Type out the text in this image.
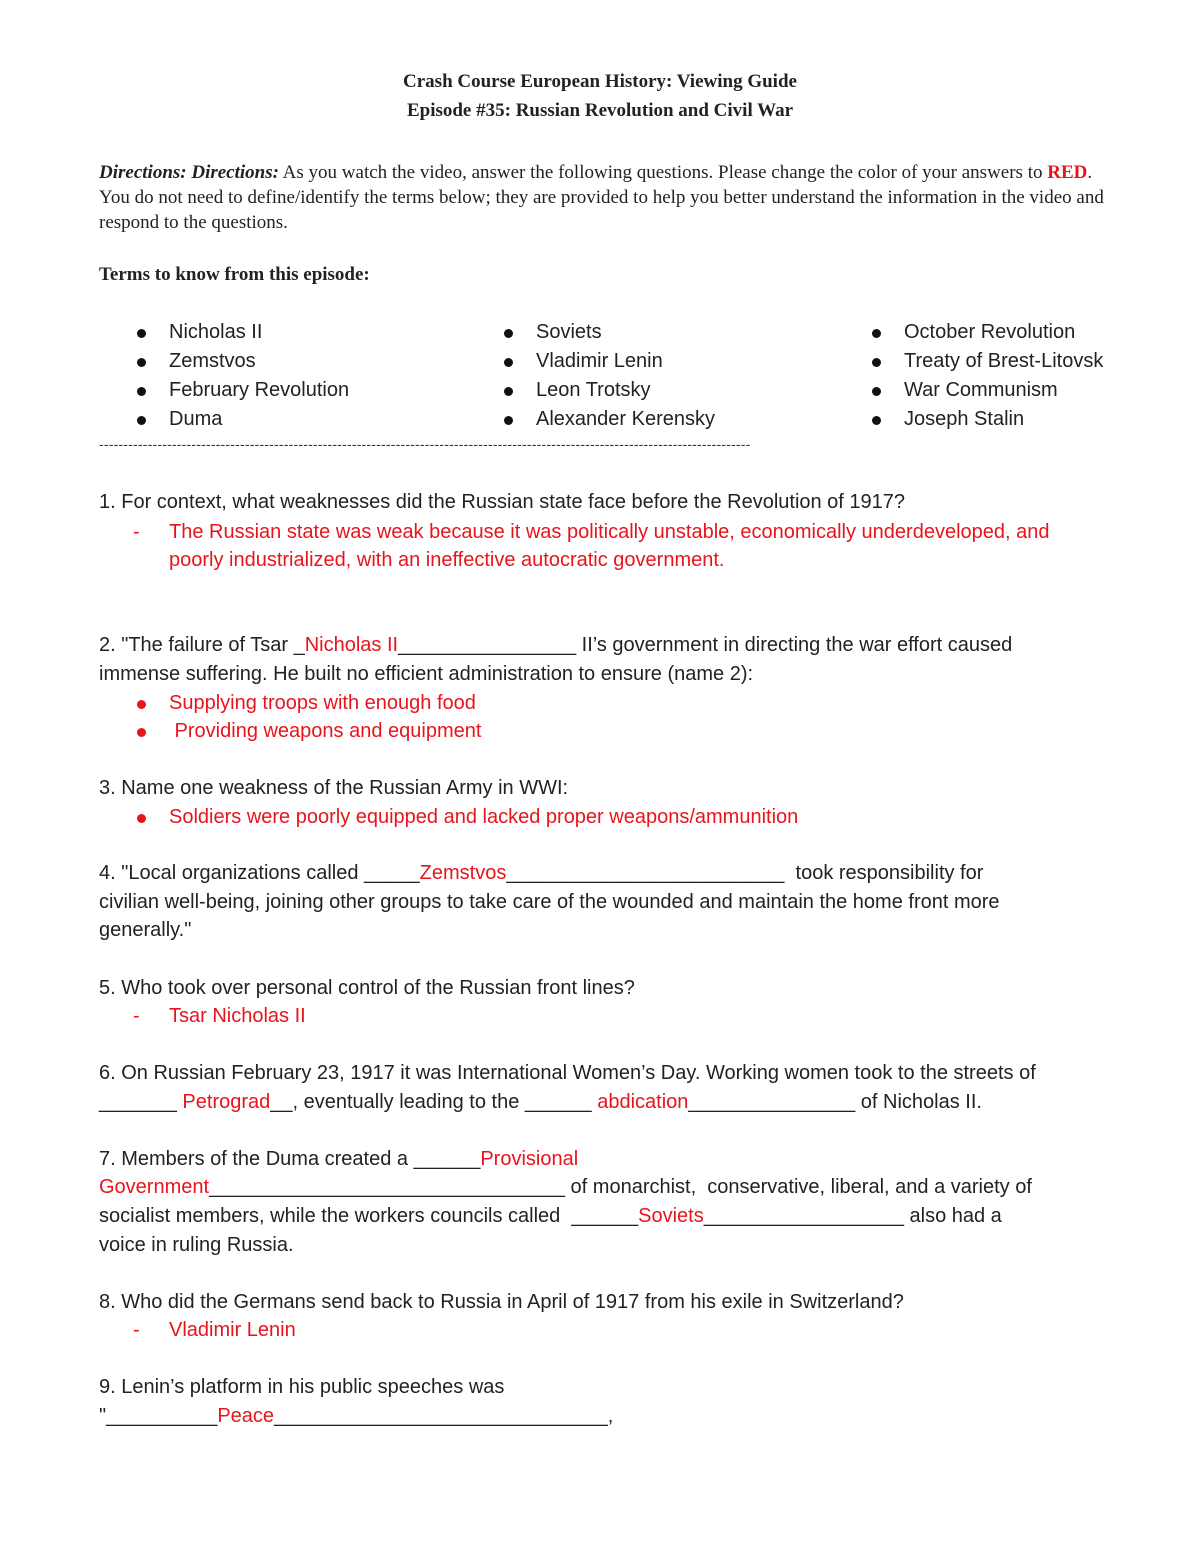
Crash Course European History: Viewing Guide
Episode #35: Russian Revolution and Civil War
Directions: Directions: As you watch the video, answer the following questions. Please change the color of your answers to RED. You do not need to define/identify the terms below; they are provided to help you better understand the information in the video and respond to the questions.
Terms to know from this episode:
Nicholas II
Zemstvos
February Revolution
Duma
Soviets
Vladimir Lenin
Leon Trotsky
Alexander Kerensky
October Revolution
Treaty of Brest-Litovsk
War Communism
Joseph Stalin
--------------------------------------------------------------------------------------------------------------------------------------
1. For context, what weaknesses did the Russian state face before the Revolution of 1917?
- The Russian state was weak because it was politically unstable, economically underdeveloped, and
poorly industrialized, with an ineffective autocratic government.
2. "The failure of Tsar _Nicholas II________________ II’s government in directing the war effort caused
immense suffering. He built no efficient administration to ensure (name 2):
Supplying troops with enough food
Providing weapons and equipment
3. Name one weakness of the Russian Army in WWI:
Soldiers were poorly equipped and lacked proper weapons/ammunition
4. "Local organizations called _____Zemstvos_________________________  took responsibility for
civilian well-being, joining other groups to take care of the wounded and maintain the home front more
generally."
5. Who took over personal control of the Russian front lines?
- Tsar Nicholas II
6. On Russian February 23, 1917 it was International Women’s Day. Working women took to the streets of
_______ Petrograd__, eventually leading to the ______ abdication_______________ of Nicholas II.
7. Members of the Duma created a ______Provisional
Government________________________________ of monarchist,  conservative, liberal, and a variety of
socialist members, while the workers councils called  ______Soviets__________________ also had a
voice in ruling Russia.
8. Who did the Germans send back to Russia in April of 1917 from his exile in Switzerland?
- Vladimir Lenin
9. Lenin’s platform in his public speeches was
"__________Peace______________________________,
